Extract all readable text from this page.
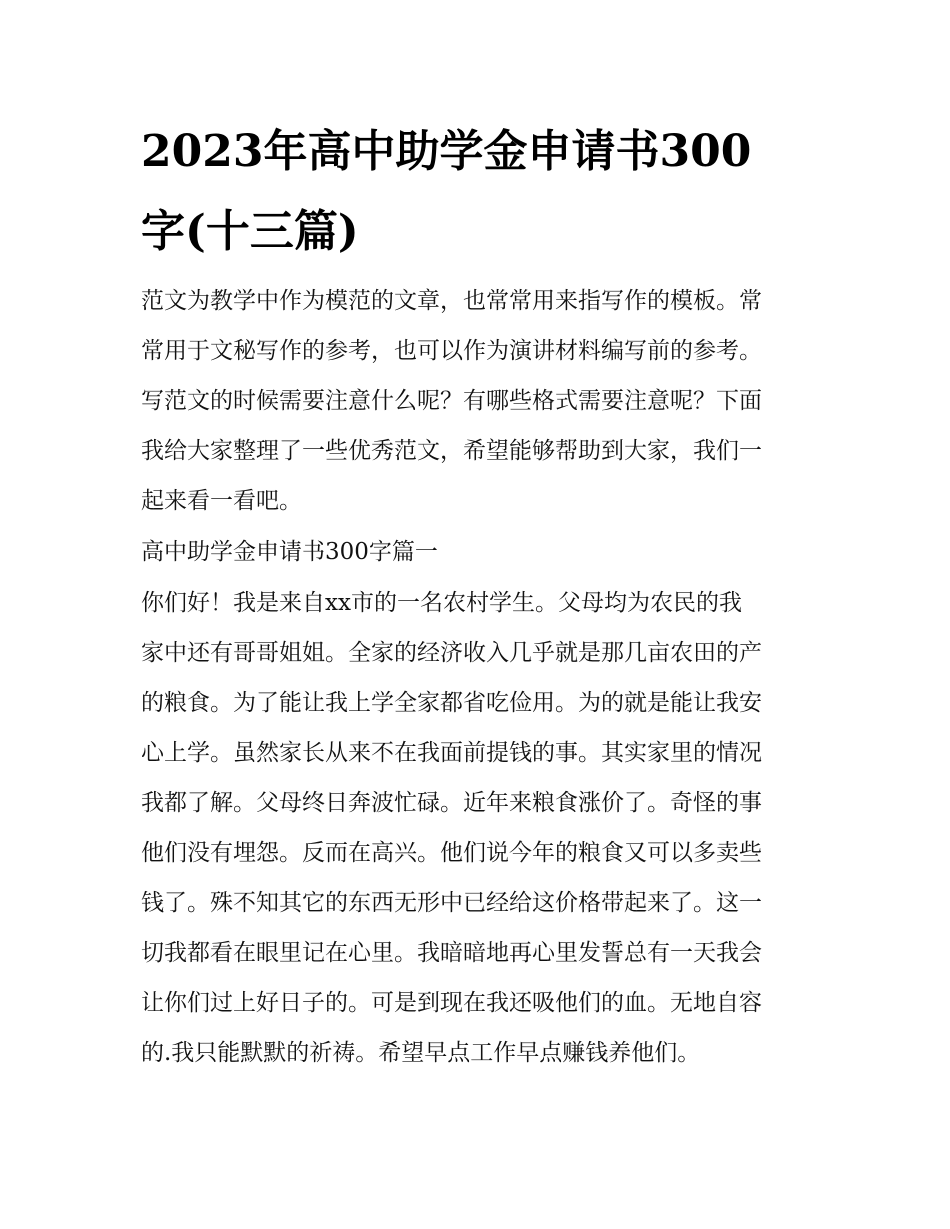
2023年高中助学金申请书300
字(十三篇)
范文为教学中作为模范的文章，也常常用来指写作的模板。常
常用于文秘写作的参考，也可以作为演讲材料编写前的参考。
写范文的时候需要注意什么呢？有哪些格式需要注意呢？下面
我给大家整理了一些优秀范文，希望能够帮助到大家，我们一
起来看一看吧。
高中助学金申请书300字篇一
你们好！我是来自xx市的一名农村学生。父母均为农民的我
家中还有哥哥姐姐。全家的经济收入几乎就是那几亩农田的产
的粮食。为了能让我上学全家都省吃俭用。为的就是能让我安
心上学。虽然家长从来不在我面前提钱的事。其实家里的情况
我都了解。父母终日奔波忙碌。近年来粮食涨价了。奇怪的事
他们没有埋怨。反而在高兴。他们说今年的粮食又可以多卖些
钱了。殊不知其它的东西无形中已经给这价格带起来了。这一
切我都看在眼里记在心里。我暗暗地再心里发誓总有一天我会
让你们过上好日子的。可是到现在我还吸他们的血。无地自容
的.我只能默默的祈祷。希望早点工作早点赚钱养他们。
